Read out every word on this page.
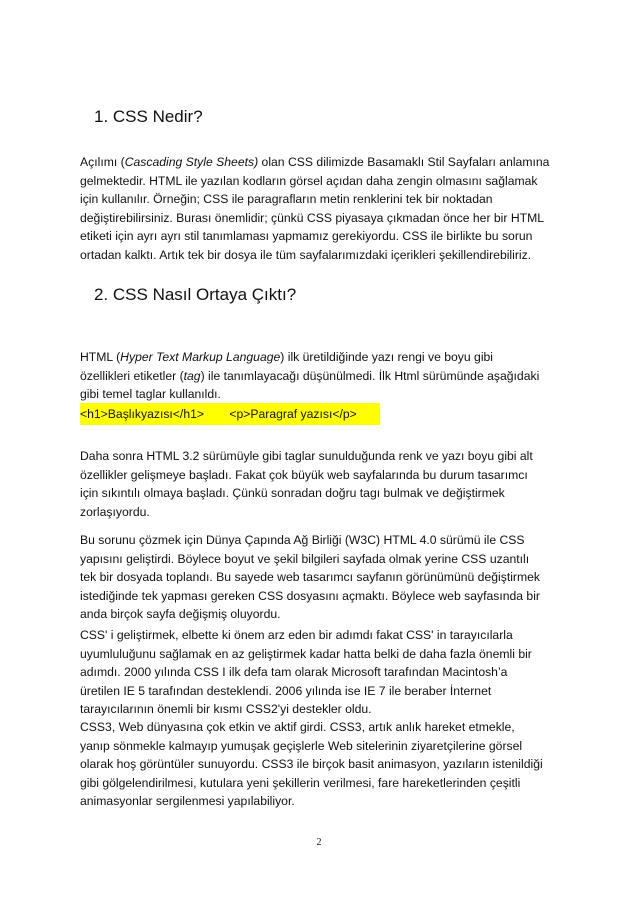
1. CSS Nedir?

Açılımı (Cascading Style Sheets) olan CSS dilimizde Basamaklı Stil Sayfaları anlamına
gelmektedir. HTML ile yazılan kodların görsel açıdan daha zengin olmasını sağlamak
için kullanılır. Örneğin; CSS ile paragrafların metin renklerini tek bir noktadan
değiştirebilirsiniz. Burası önemlidir; çünkü CSS piyasaya çıkmadan önce her bir HTML
etiketi için ayrı ayrı stil tanımlaması yapmamız gerekiyordu. CSS ile birlikte bu sorun
ortadan kalktı. Artık tek bir dosya ile tüm sayfalarımızdaki içerikleri şekillendirebiliriz.

2. CSS Nasıl Ortaya Çıktı?

HTML (Hyper Text Markup Language) ilk üretildiğinde yazı rengi ve boyu gibi
özellikleri etiketler (tag) ile tanımlayacağı düşünülmedi. İlk Html sürümünde aşağıdaki
gibi temel taglar kullanıldı.

<h1>Başlıkyazısı</h1> <p>Paragraf yazısı</p>

Daha sonra HTML 3.2 sürümüyle gibi taglar sunulduğunda renk ve yazı boyu gibi alt
özellikler gelişmeye başladı. Fakat çok büyük web sayfalarında bu durum tasarımcı
için sıkıntılı olmaya başladı. Çünkü sonradan doğru tagı bulmak ve değiştirmek
zorlaşıyordu.

Bu sorunu çözmek için Dünya Çapında Ağ Birliği (W3C) HTML 4.0 sürümü ile CSS
yapısını geliştirdi. Böylece boyut ve şekil bilgileri sayfada olmak yerine CSS uzantılı
tek bir dosyada toplandı. Bu sayede web tasarımcı sayfanın görünümünü değiştirmek
istediğinde tek yapması gereken CSS dosyasını açmaktı. Böylece web sayfasında bir
anda birçok sayfa değişmiş oluyordu.

CSS' i geliştirmek, elbette ki önem arz eden bir adımdı fakat CSS' in tarayıcılarla
uyumluluğunu sağlamak en az geliştirmek kadar hatta belki de daha fazla önemli bir
adımdı. 2000 yılında CSS I ilk defa tam olarak Microsoft tarafından Macintosh’a
üretilen IE 5 tarafından desteklendi. 2006 yılında ise IE 7 ile beraber İnternet
tarayıcılarının önemli bir kısmı CSS2'yi destekler oldu.

CSS3, Web dünyasına çok etkin ve aktif girdi. CSS3, artık anlık hareket etmekle,
yanıp sönmekle kalmayıp yumuşak geçişlerle Web sitelerinin ziyaretçilerine görsel
olarak hoş görüntüler sunuyordu. CSS3 ile birçok basit animasyon, yazıların istenildiği
gibi gölgelendirilmesi, kutulara yeni şekillerin verilmesi, fare hareketlerinden çeşitli
animasyonlar sergilenmesi yapılabiliyor.

2
